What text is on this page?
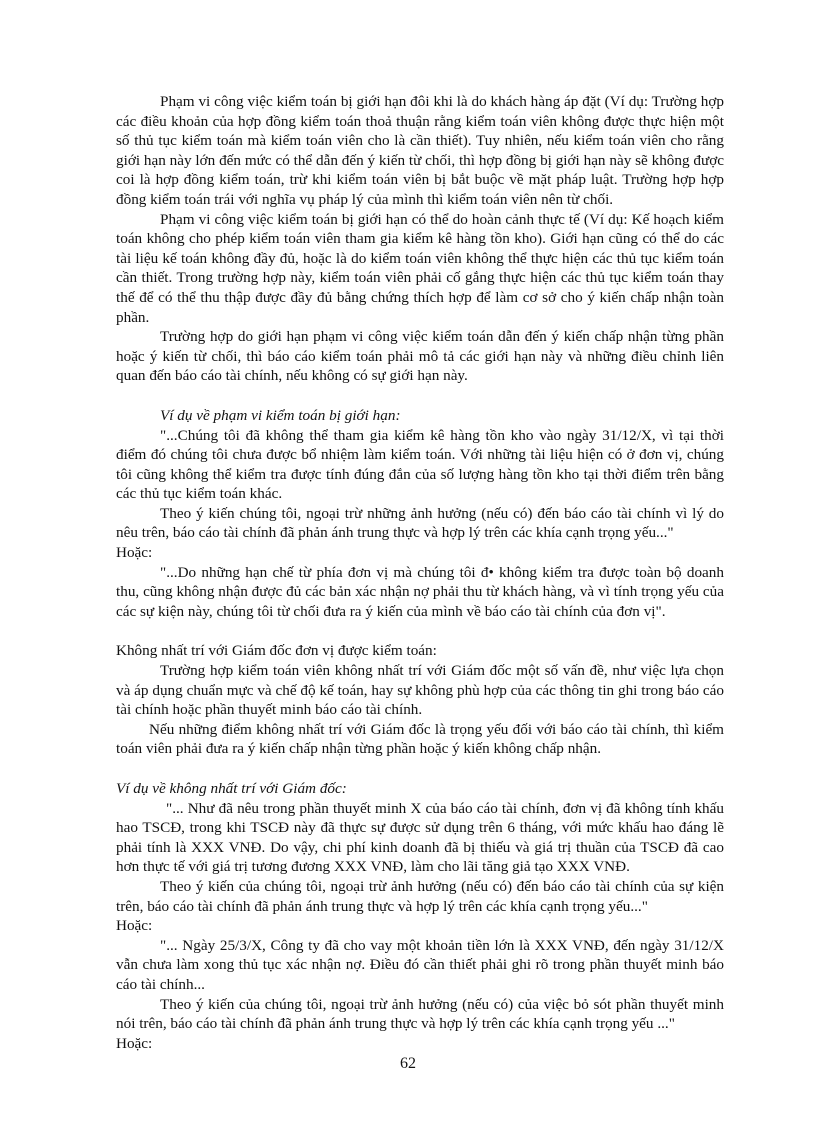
Phạm vi công việc kiểm toán bị giới hạn đôi khi là do khách hàng áp đặt (Ví dụ: Trường hợp các điều khoản của hợp đồng kiểm toán thoả thuận rằng kiểm toán viên không được thực hiện một số thủ tục kiểm toán mà kiểm toán viên cho là cần thiết). Tuy nhiên, nếu kiểm toán viên cho rằng giới hạn này lớn đến mức có thể dẫn đến ý kiến từ chối, thì hợp đồng bị giới hạn này sẽ không được coi là hợp đồng kiểm toán, trừ khi kiểm toán viên bị bắt buộc về mặt pháp luật. Trường hợp hợp đồng kiểm toán trái với nghĩa vụ pháp lý của mình thì kiểm toán viên nên từ chối.

Phạm vi công việc kiểm toán bị giới hạn có thể do hoàn cảnh thực tế (Ví dụ: Kế hoạch kiểm toán không cho phép kiểm toán viên tham gia kiểm kê hàng tồn kho). Giới hạn cũng có thể do các tài liệu kế toán không đầy đủ, hoặc là do kiểm toán viên không thể thực hiện các thủ tục kiểm toán cần thiết. Trong trường hợp này, kiểm toán viên phải cố gắng thực hiện các thủ tục kiểm toán thay thế để có thể thu thập được đầy đủ bằng chứng thích hợp để làm cơ sở cho ý kiến chấp nhận toàn phần.

Trường hợp do giới hạn phạm vi công việc kiểm toán dẫn đến ý kiến chấp nhận từng phần hoặc ý kiến từ chối, thì báo cáo kiểm toán phải mô tả các giới hạn này và những điều chỉnh liên quan đến báo cáo tài chính, nếu không có sự giới hạn này.

Ví dụ về phạm vi kiểm toán bị giới hạn:

"...Chúng tôi đã không thể tham gia kiểm kê hàng tồn kho vào ngày 31/12/X, vì tại thời điểm đó chúng tôi chưa được bổ nhiệm làm kiểm toán. Với những tài liệu hiện có ở đơn vị, chúng tôi cũng không thể kiểm tra được tính đúng đắn của số lượng hàng tồn kho tại thời điểm trên bằng các thủ tục kiểm toán khác.

Theo ý kiến chúng tôi, ngoại trừ những ảnh hưởng (nếu có) đến báo cáo tài chính vì lý do nêu trên, báo cáo tài chính đã phản ánh trung thực và hợp lý trên các khía cạnh trọng yếu..."

Hoặc:

"...Do những hạn chế từ phía đơn vị mà chúng tôi đ• không kiểm tra được toàn bộ doanh thu, cũng không nhận được đủ các bản xác nhận nợ phải thu từ khách hàng, và vì tính trọng yếu của các sự kiện này, chúng tôi từ chối đưa ra ý kiến của mình về báo cáo tài chính của đơn vị".

Không nhất trí với Giám đốc đơn vị được kiểm toán:

Trường hợp kiểm toán viên không nhất trí với Giám đốc một số vấn đề, như việc lựa chọn và áp dụng chuẩn mực và chế độ kế toán, hay sự không phù hợp của các thông tin ghi trong báo cáo tài chính hoặc phần thuyết minh báo cáo tài chính.

Nếu những điểm không nhất trí với Giám đốc là trọng yếu đối với báo cáo tài chính, thì kiểm toán viên phải đưa ra ý kiến chấp nhận từng phần hoặc ý kiến không chấp nhận.

Ví dụ về không nhất trí với Giám đốc:

"... Như đã nêu trong phần thuyết minh X của báo cáo tài chính, đơn vị đã không tính khấu hao TSCĐ, trong khi TSCĐ này đã thực sự được sử dụng trên 6 tháng, với mức khấu hao đáng lẽ phải tính là XXX VNĐ. Do vậy, chi phí kinh doanh đã bị thiếu và giá trị thuần của TSCĐ đã cao hơn thực tế với giá trị tương đương XXX VNĐ, làm cho lãi tăng giả tạo XXX VNĐ.

Theo ý kiến của chúng tôi, ngoại trừ ảnh hưởng (nếu có) đến báo cáo tài chính của sự kiện trên, báo cáo tài chính đã phản ánh trung thực và hợp lý trên các khía cạnh trọng yếu..."

Hoặc:

"... Ngày 25/3/X, Công ty đã cho vay một khoản tiền lớn là XXX VNĐ, đến ngày 31/12/X vẫn chưa làm xong thủ tục xác nhận nợ. Điều đó cần thiết phải ghi rõ trong phần thuyết minh báo cáo tài chính...

Theo ý kiến của chúng tôi, ngoại trừ ảnh hưởng (nếu có) của việc bỏ sót phần thuyết minh nói trên, báo cáo tài chính đã phản ánh trung thực và hợp lý trên các khía cạnh trọng yếu ..."

Hoặc:

62
